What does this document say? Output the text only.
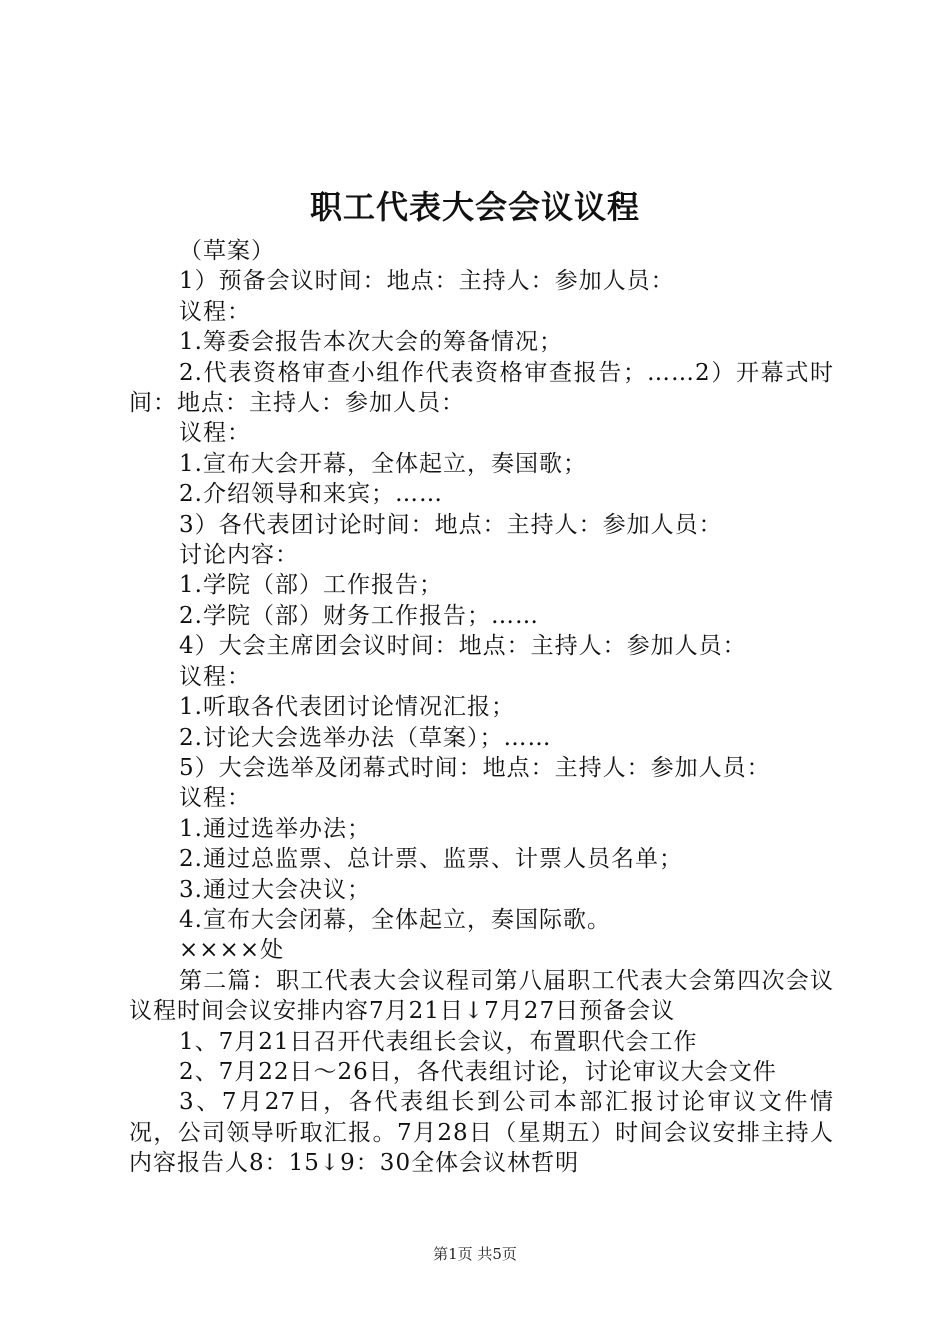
职工代表大会会议议程

（草案）

1）预备会议时间：地点：主持人：参加人员：

议程：

1.筹委会报告本次大会的筹备情况；

2.代表资格审查小组作代表资格审查报告；……2）开幕式时间：地点：主持人：参加人员：

议程：

1.宣布大会开幕，全体起立，奏国歌；

2.介绍领导和来宾；……

3）各代表团讨论时间：地点：主持人：参加人员：

讨论内容：

1.学院（部）工作报告；

2.学院（部）财务工作报告；……

4）大会主席团会议时间：地点：主持人：参加人员：

议程：

1.听取各代表团讨论情况汇报；

2.讨论大会选举办法（草案）；……

5）大会选举及闭幕式时间：地点：主持人：参加人员：

议程：

1.通过选举办法；

2.通过总监票、总计票、监票、计票人员名单；

3.通过大会决议；

4.宣布大会闭幕，全体起立，奏国际歌。

××××处

第二篇：职工代表大会议程司第八届职工代表大会第四次会议议程时间会议安排内容7月21日↓7月27日预备会议

1、7月21日召开代表组长会议，布置职代会工作

2、7月22日～26日，各代表组讨论，讨论审议大会文件

3、7月27日，各代表组长到公司本部汇报讨论审议文件情况，公司领导听取汇报。7月28日（星期五）时间会议安排主持人内容报告人8：15↓9：30全体会议林哲明

第1页 共5页
